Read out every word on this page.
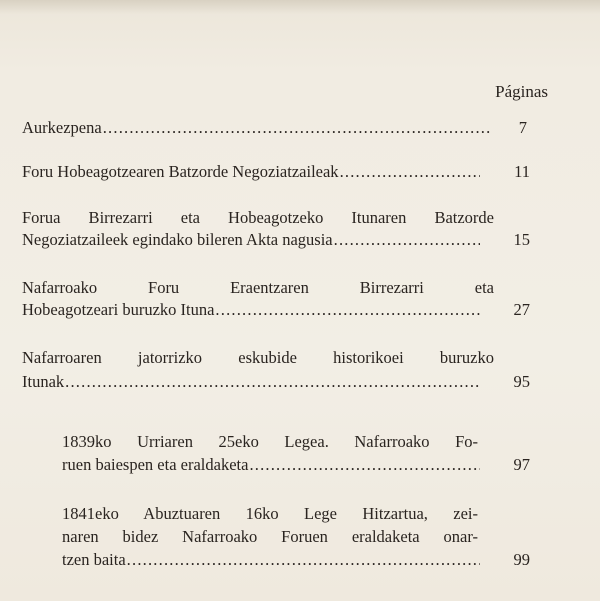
Páginas
Aurkezpena .....	7
Foru Hobeagotzearen Batzorde Negoziatzaileak .....	11
Forua Birrezarri eta Hobeagotzeko Itunaren Batzorde
Negoziatzaileek egindako bileren Akta nagusia .....	15
Nafarroako Foru Eraentzaren Birrezarri eta
Hobeagotzeari buruzko Ituna .....	27
Nafarroaren jatorrizko eskubide historikoei buruzko
Itunak .....	95
1839ko Urriaren 25eko Legea. Nafarroako Fo-
ruen baiespen eta eraldaketa .....	97
1841eko Abuztuaren 16ko Lege Hitzartua, zei-
naren bidez Nafarroako Foruen eraldaketa onar-
tzen baita .....	99
